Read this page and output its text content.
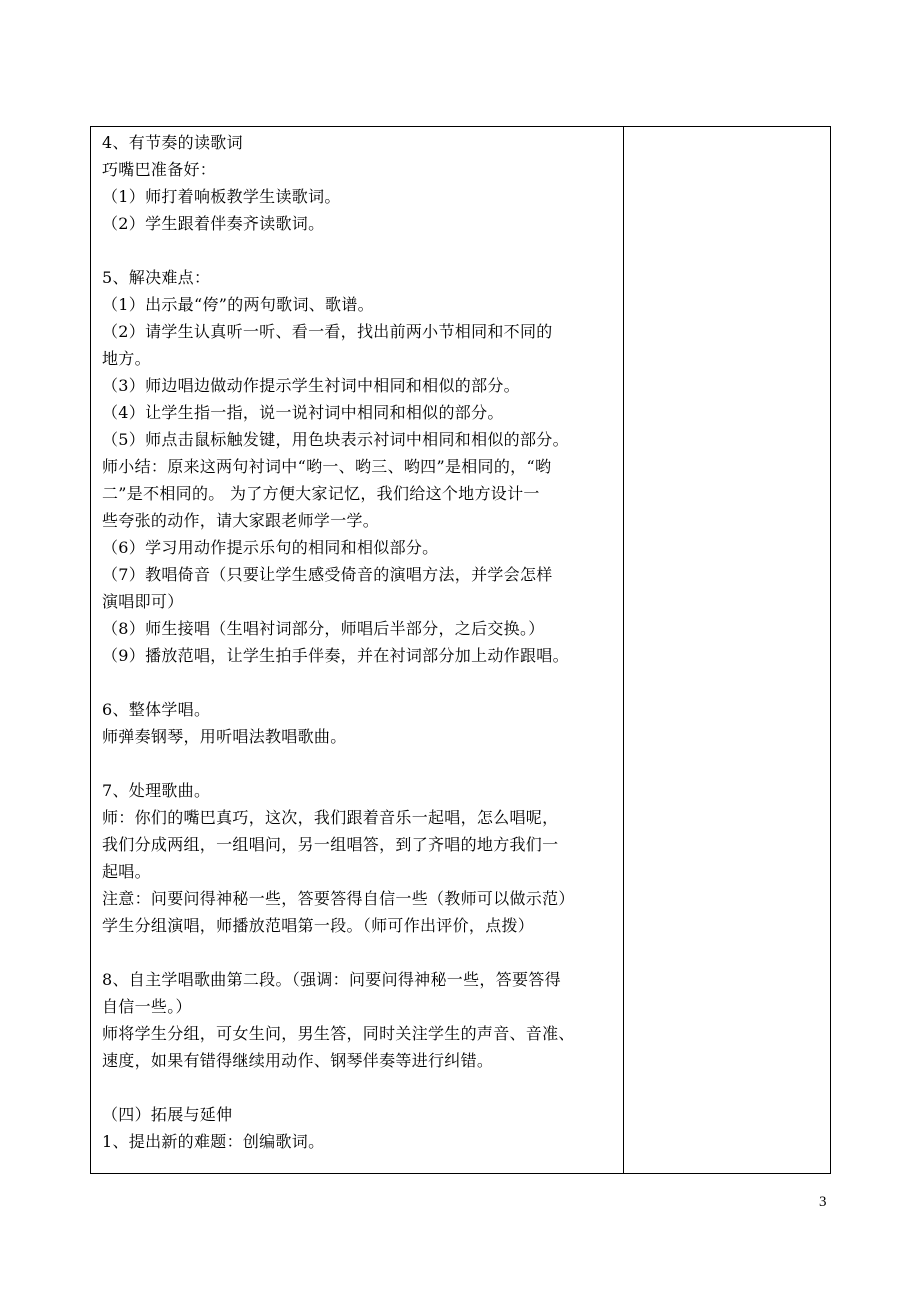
4、有节奏的读歌词
巧嘴巴准备好：
（1）师打着响板教学生读歌词。
（2）学生跟着伴奏齐读歌词。
5、解决难点：
（1）出示最“侉”的两句歌词、歌谱。
（2）请学生认真听一听、看一看，找出前两小节相同和不同的
地方。
（3）师边唱边做动作提示学生衬词中相同和相似的部分。
（4）让学生指一指，说一说衬词中相同和相似的部分。
（5）师点击鼠标触发键，用色块表示衬词中相同和相似的部分。
师小结：原来这两句衬词中“哟一、哟三、哟四”是相同的，“哟
二”是不相同的。 为了方便大家记忆，我们给这个地方设计一
些夸张的动作，请大家跟老师学一学。
（6）学习用动作提示乐句的相同和相似部分。
（7）教唱倚音（只要让学生感受倚音的演唱方法，并学会怎样
演唱即可）
（8）师生接唱（生唱衬词部分，师唱后半部分，之后交换。）
（9）播放范唱，让学生拍手伴奏，并在衬词部分加上动作跟唱。
6、整体学唱。
师弹奏钢琴，用听唱法教唱歌曲。
7、处理歌曲。
师：你们的嘴巴真巧，这次，我们跟着音乐一起唱，怎么唱呢，
我们分成两组，一组唱问，另一组唱答，到了齐唱的地方我们一
起唱。
注意：问要问得神秘一些，答要答得自信一些（教师可以做示范）
学生分组演唱，师播放范唱第一段。（师可作出评价，点拨）
8、自主学唱歌曲第二段。（强调：问要问得神秘一些，答要答得
自信一些。）
师将学生分组，可女生问，男生答，同时关注学生的声音、音准、
速度，如果有错得继续用动作、钢琴伴奏等进行纠错。
（四）拓展与延伸
1、提出新的难题：创编歌词。
3
